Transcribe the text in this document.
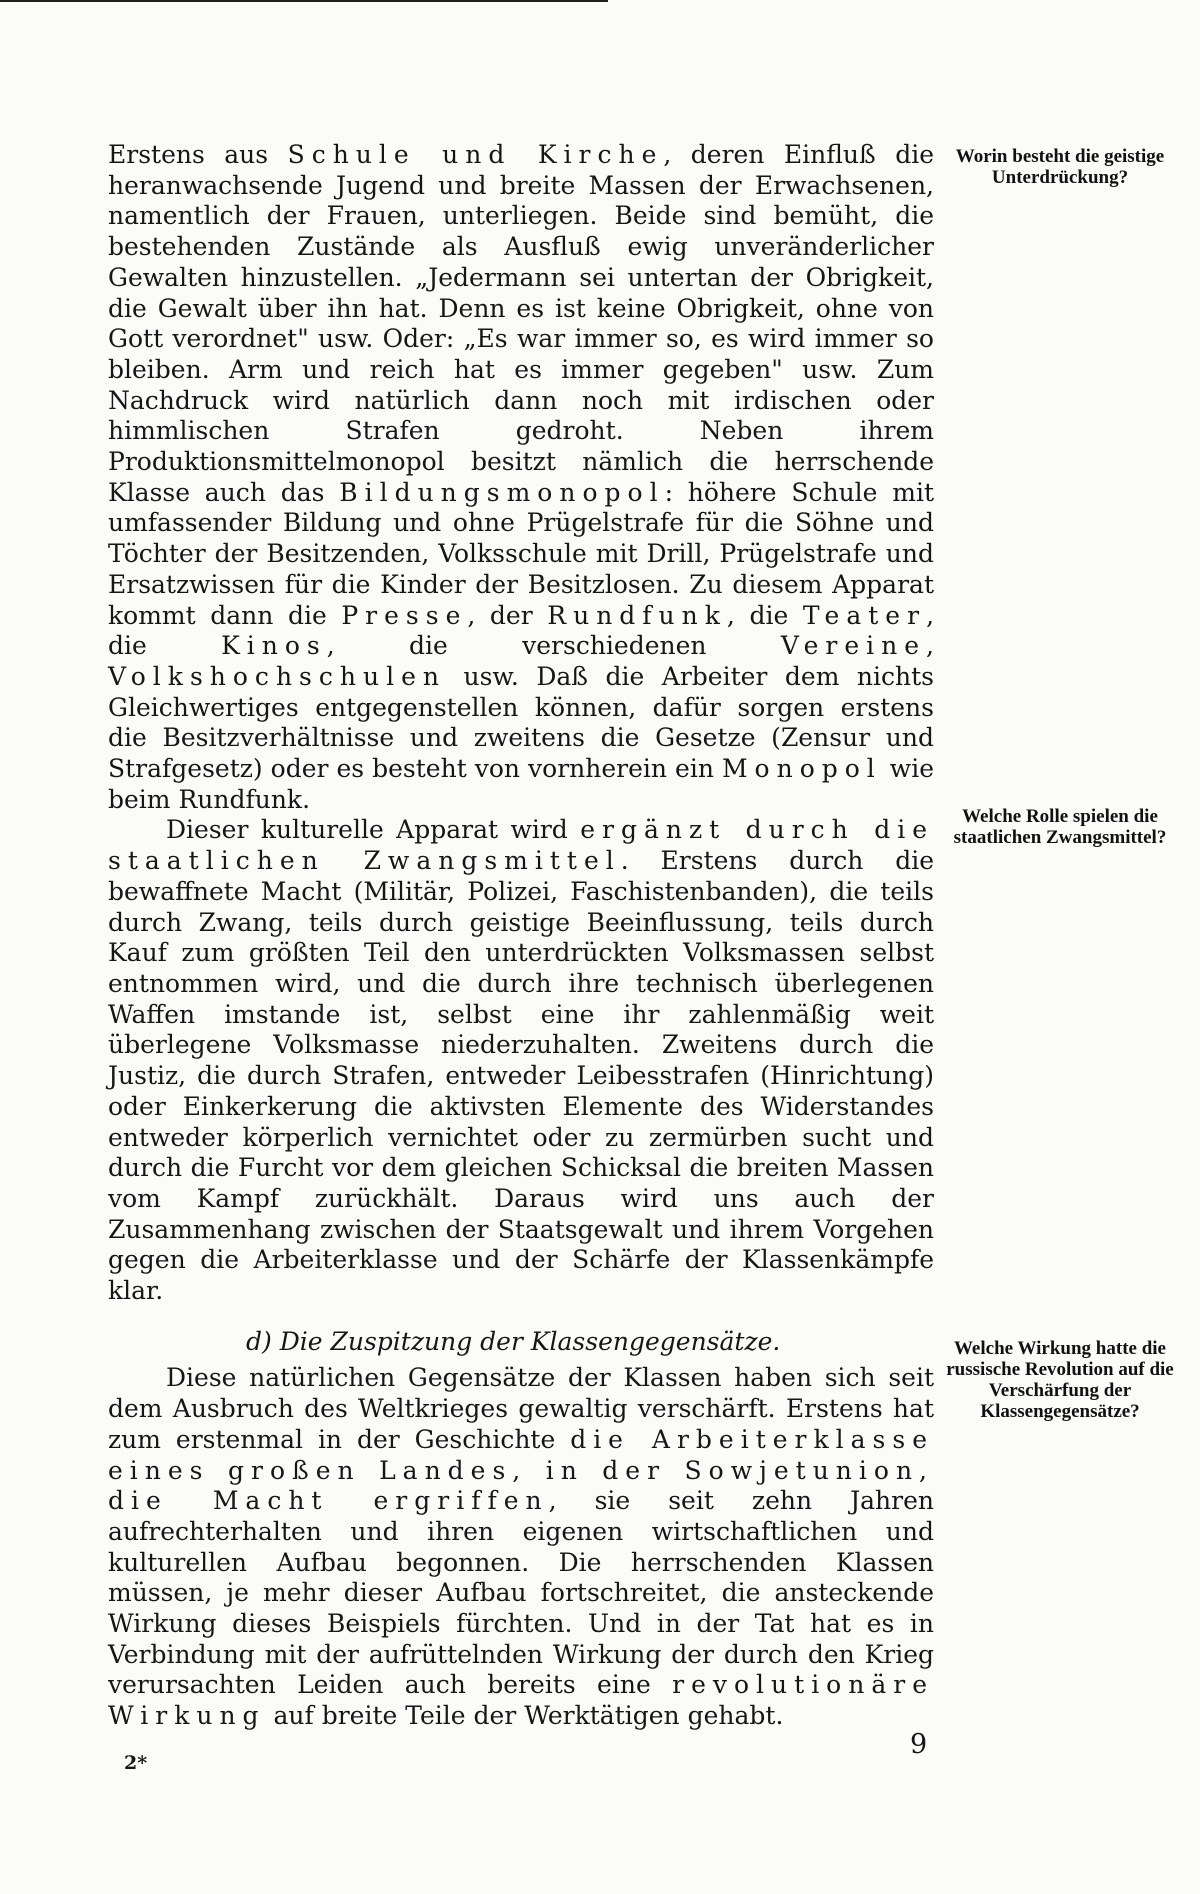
Erstens aus Schule und Kirche, deren Einfluß die heranwachsende Jugend und breite Massen der Erwachsenen, namentlich der Frauen, unterliegen. Beide sind bemüht, die bestehenden Zustände als Ausfluß ewig unveränderlicher Gewalten hinzustellen. „Jedermann sei untertan der Obrigkeit, die Gewalt über ihn hat. Denn es ist keine Obrigkeit, ohne von Gott verordnet" usw. Oder: „Es war immer so, es wird immer so bleiben. Arm und reich hat es immer gegeben" usw. Zum Nachdruck wird natürlich dann noch mit irdischen oder himmlischen Strafen gedroht. Neben ihrem Produktionsmittelmonopol besitzt nämlich die herrschende Klasse auch das Bildungsmonopol: höhere Schule mit umfassender Bildung und ohne Prügelstrafe für die Söhne und Töchter der Besitzenden, Volksschule mit Drill, Prügelstrafe und Ersatzwissen für die Kinder der Besitzlosen. Zu diesem Apparat kommt dann die Presse, der Rundfunk, die Teater, die Kinos, die verschiedenen Vereine, Volkshochschulen usw. Daß die Arbeiter dem nichts Gleichwertiges entgegenstellen können, dafür sorgen erstens die Besitzverhältnisse und zweitens die Gesetze (Zensur und Strafgesetz) oder es besteht von vornherein ein Monopol wie beim Rundfunk.

Dieser kulturelle Apparat wird ergänzt durch die staatlichen Zwangsmittel. Erstens durch die bewaffnete Macht (Militär, Polizei, Faschistenbanden), die teils durch Zwang, teils durch geistige Beeinflussung, teils durch Kauf zum größten Teil den unterdrückten Volksmassen selbst entnommen wird, und die durch ihre technisch überlegenen Waffen imstande ist, selbst eine ihr zahlenmäßig weit überlegene Volksmasse niederzuhalten. Zweitens durch die Justiz, die durch Strafen, entweder Leibesstrafen (Hinrichtung) oder Einkerkerung die aktivsten Elemente des Widerstandes entweder körperlich vernichtet oder zu zermürben sucht und durch die Furcht vor dem gleichen Schicksal die breiten Massen vom Kampf zurückhält. Daraus wird uns auch der Zusammenhang zwischen der Staatsgewalt und ihrem Vorgehen gegen die Arbeiterklasse und der Schärfe der Klassenkämpfe klar.

d) Die Zuspitzung der Klassengegensätze.

Diese natürlichen Gegensätze der Klassen haben sich seit dem Ausbruch des Weltkrieges gewaltig verschärft. Erstens hat zum erstenmal in der Geschichte die Arbeiterklasse eines großen Landes, in der Sowjetunion, die Macht ergriffen, sie seit zehn Jahren aufrechterhalten und ihren eigenen wirtschaftlichen und kulturellen Aufbau begonnen. Die herrschenden Klassen müssen, je mehr dieser Aufbau fortschreitet, die ansteckende Wirkung dieses Beispiels fürchten. Und in der Tat hat es in Verbindung mit der aufrüttelnden Wirkung der durch den Krieg verursachten Leiden auch bereits eine revolutionäre Wirkung auf breite Teile der Werktätigen gehabt.

Worin besteht die geistige Unterdrückung?
Welche Rolle spielen die staatlichen Zwangsmittel?
Welche Wirkung hatte die russische Revolution auf die Verschärfung der Klassengegensätze?
2*
9
